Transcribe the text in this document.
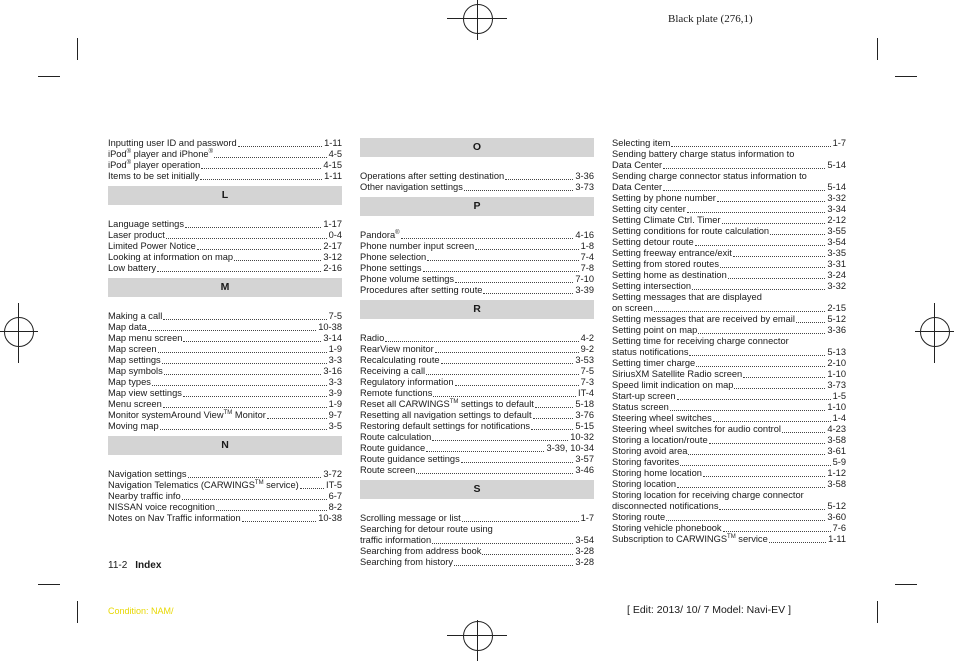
Black plate (276,1)
Inputting user ID and password	1-11
iPod® player and iPhone®	4-5
iPod® player operation	4-15
Items to be set initially	1-11
L
Language settings	1-17
Laser product	0-4
Limited Power Notice	2-17
Looking at information on map	3-12
Low battery	2-16
M
Making a call	7-5
Map data	10-38
Map menu screen	3-14
Map screen	1-9
Map settings	3-3
Map symbols	3-16
Map types	3-3
Map view settings	3-9
Menu screen	1-9
Monitor systemAround View™ Monitor	9-7
Moving map	3-5
N
Navigation settings	3-72
Navigation Telematics (CARWINGS™ service)	IT-5
Nearby traffic info	6-7
NISSAN voice recognition	8-2
Notes on Nav Traffic information	10-38
O
Operations after setting destination	3-36
Other navigation settings	3-73
P
Pandora®	4-16
Phone number input screen	1-8
Phone selection	7-4
Phone settings	7-8
Phone volume settings	7-10
Procedures after setting route	3-39
R
Radio	4-2
RearView monitor	9-2
Recalculating route	3-53
Receiving a call	7-5
Regulatory information	7-3
Remote functions	IT-4
Reset all CARWINGS™ settings to default	5-18
Resetting all navigation settings to default	3-76
Restoring default settings for notifications	5-15
Route calculation	10-32
Route guidance	3-39, 10-34
Route guidance settings	3-57
Route screen	3-46
S
Scrolling message or list	1-7
Searching for detour route using
traffic information	3-54
Searching from address book	3-28
Searching from history	3-28
Selecting item	1-7
Sending battery charge status information to
Data Center	5-14
Sending charge connector status information to
Data Center	5-14
Setting by phone number	3-32
Setting city center	3-34
Setting Climate Ctrl. Timer	2-12
Setting conditions for route calculation	3-55
Setting detour route	3-54
Setting freeway entrance/exit	3-35
Setting from stored routes	3-31
Setting home as destination	3-24
Setting intersection	3-32
Setting messages that are displayed
on screen	2-15
Setting messages that are received by email	5-12
Setting point on map	3-36
Setting time for receiving charge connector
status notifications	5-13
Setting timer charge	2-10
SiriusXM Satellite Radio screen	1-10
Speed limit indication on map	3-73
Start-up screen	1-5
Status screen	1-10
Steering wheel switches	1-4
Steering wheel switches for audio control	4-23
Storing a location/route	3-58
Storing avoid area	3-61
Storing favorites	5-9
Storing home location	1-12
Storing location	3-58
Storing location for receiving charge connector
disconnected notifications	5-12
Storing route	3-60
Storing vehicle phonebook	7-6
Subscription to CARWINGS™ service	1-11
11-2 Index
Condition: NAM/	[ Edit: 2013/ 10/ 7 Model: Navi-EV ]
